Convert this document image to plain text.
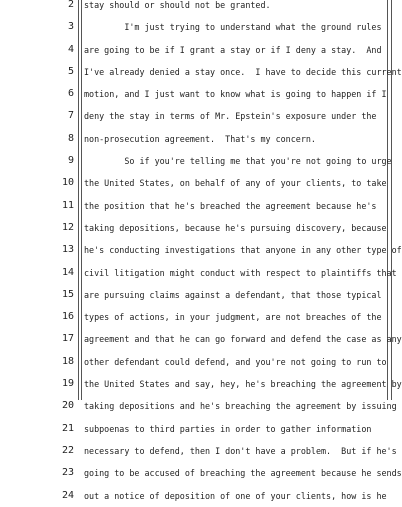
2 stay should or should not be granted.
3 I'm just trying to understand what the ground rules
4 are going to be if I grant a stay or if I deny a stay.  And
5 I've already denied a stay once.  I have to decide this current
6 motion, and I just want to know what is going to happen if I
7 deny the stay in terms of Mr. Epstein's exposure under the
8 non-prosecution agreement.  That's my concern.
9 So if you're telling me that you're not going to urge
10 the United States, on behalf of any of your clients, to take
11 the position that he's breached the agreement because he's
12 taking depositions, because he's pursuing discovery, because
13 he's conducting investigations that anyone in any other type of
14 civil litigation might conduct with respect to plaintiffs that
15 are pursuing claims against a defendant, that those typical
16 types of actions, in your judgment, are not breaches of the
17 agreement and that he can go forward and defend the case as any
18 other defendant could defend, and you're not going to run to
19 the United States and say, hey, he's breaching the agreement by
20 taking depositions and he's breaching the agreement by issuing
21 subpoenas to third parties in order to gather information
22 necessary to defend, then I don't have a problem.  But if he's
23 going to be accused of breaching the agreement because he sends
24 out a notice of deposition of one of your clients, how is he
